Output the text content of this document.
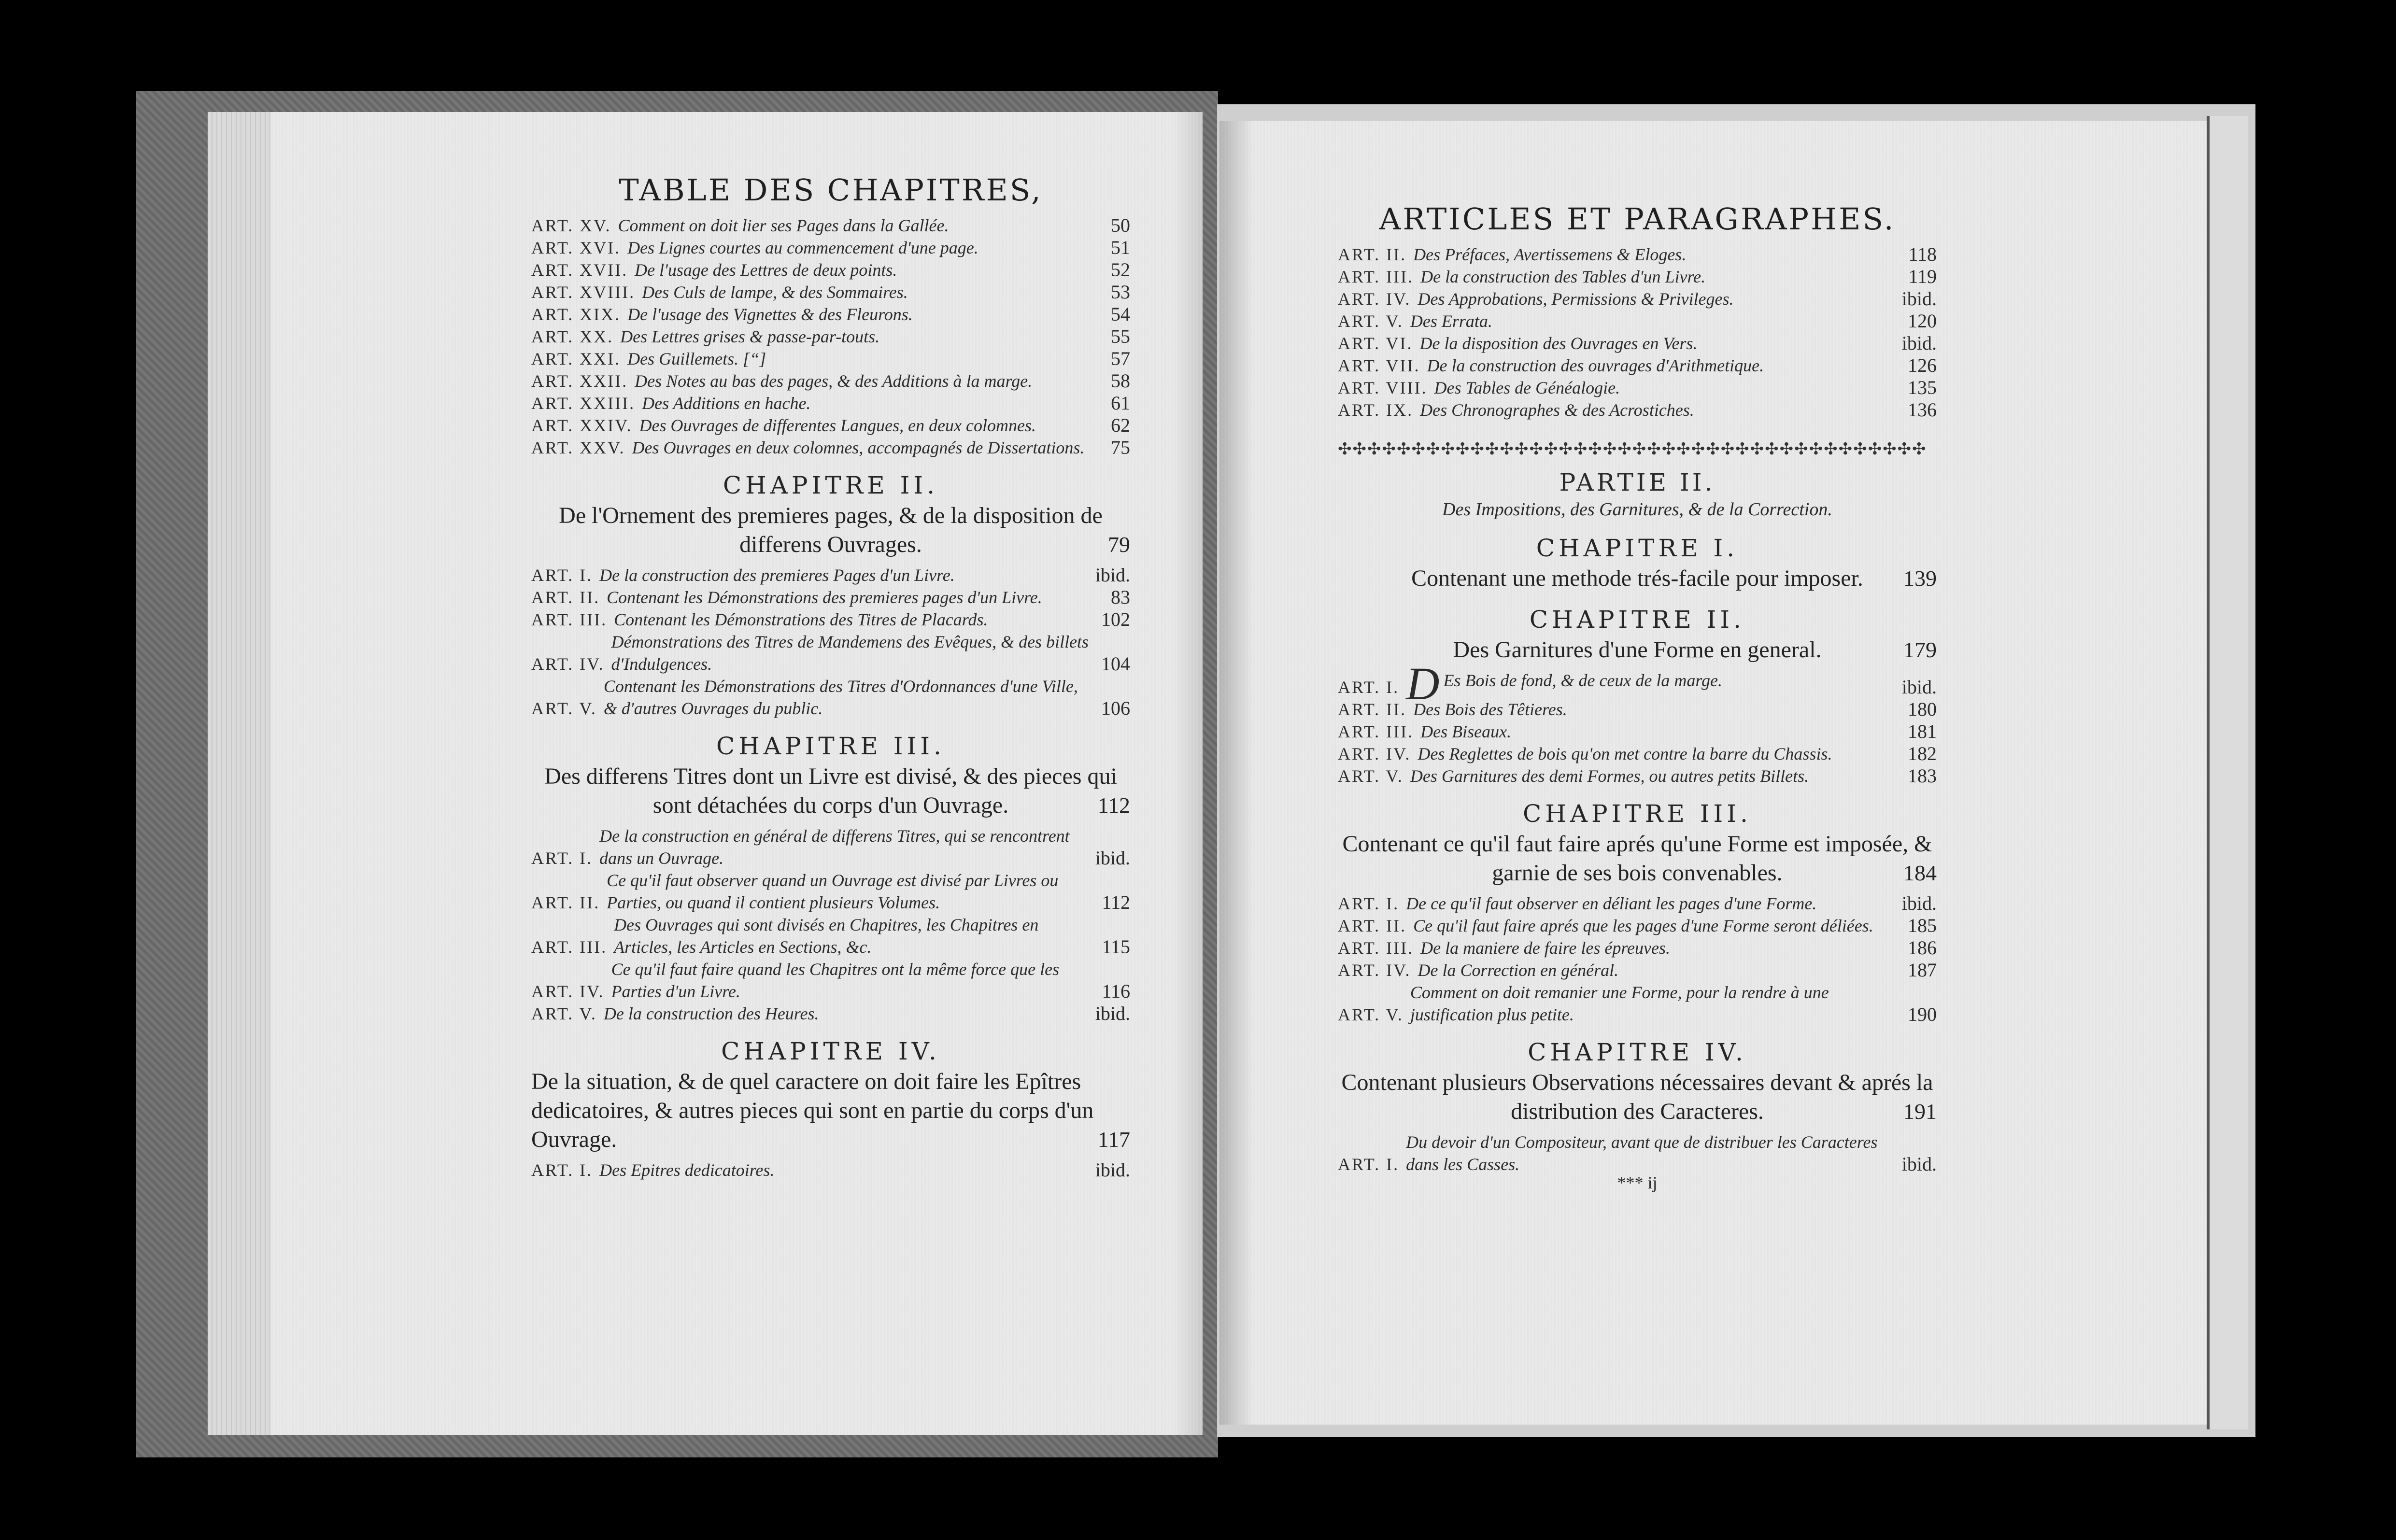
TABLE DES CHAPITRES,
ART. XV. Comment on doit lier ses Pages dans la Gallée.	50
ART. XVI. Des Lignes courtes au commencement d'une page.	51
ART. XVII. De l'usage des Lettres de deux points.	52
ART. XVIII. Des Culs de lampe, & des Sommaires.	53
ART. XIX. De l'usage des Vignettes & des Fleurons.	54
ART. XX. Des Lettres grises & passe-par-touts.	55
ART. XXI. Des Guillemets. [“]	57
ART. XXII. Des Notes au bas des pages, & des Additions à la marge.	58
ART. XXIII. Des Additions en hache.	61
ART. XXIV. Des Ouvrages de differentes Langues, en deux colomnes.	62
ART. XXV. Des Ouvrages en deux colomnes, accompagnés de Dissertations.	75
CHAPITRE II.
De l'Ornement des premieres pages, & de la disposition de differens Ouvrages.	79
ART. I. De la construction des premieres Pages d'un Livre.	ibid.
ART. II. Contenant les Démonstrations des premieres pages d'un Livre.	83
ART. III. Contenant les Démonstrations des Titres de Placards.	102
ART. IV.
Démonstrations des Titres de Mandemens des Evêques, & des billets d'Indulgences.	104
ART. V.
Contenant les Démonstrations des Titres d'Ordonnances d'une Ville, & d'autres Ouvrages du public.	106
CHAPITRE III.
Des differens Titres dont un Livre est divisé, & des pieces qui sont détachées du corps d'un Ouvrage.	112
ART. I.
De la construction en général de differens Titres, qui se rencontrent dans un Ouvrage.	ibid.
ART. II.
Ce qu'il faut observer quand un Ouvrage est divisé par Livres ou Parties, ou quand il contient plusieurs Volumes.	112
ART. III.
Des Ouvrages qui sont divisés en Chapitres, les Chapitres en Articles, les Articles en Sections, &c.	115
ART. IV.
Ce qu'il faut faire quand les Chapitres ont la même force que les Parties d'un Livre.	116
ART. V. De la construction des Heures.	ibid.
CHAPITRE IV.
De la situation, & de quel caractere on doit faire les Epîtres dedicatoires, & autres pieces qui sont en partie du corps d'un Ouvrage.	117
ART. I. Des Epitres dedicatoires.	ibid.
ARTICLES ET PARAGRAPHES.
ART. II. Des Préfaces, Avertissemens & Eloges.	118
ART. III. De la construction des Tables d'un Livre.	119
ART. IV. Des Approbations, Permissions & Privileges.	ibid.
ART. V. Des Errata.	120
ART. VI. De la disposition des Ouvrages en Vers.	ibid.
ART. VII. De la construction des ouvrages d'Arithmetique.	126
ART. VIII. Des Tables de Généalogie.	135
ART. IX. Des Chronographes & des Acrostiches.	136
✣✣✣✣✣✣✣✣✣✣✣✣✣✣✣✣✣✣✣✣✣✣✣✣✣✣✣✣✣✣✣✣✣✣✣✣✣✣✣✣
PARTIE II.
Des Impositions, des Garnitures, & de la Correction.
CHAPITRE I.
Contenant une methode trés-facile pour imposer. 139
CHAPITRE II.
Des Garnitures d'une Forme en general.	179
ART. I. D Es Bois de fond, & de ceux de la marge.	ibid.
ART. II. Des Bois des Têtieres.	180
ART. III. Des Biseaux.	181
ART. IV. Des Reglettes de bois qu'on met contre la barre du Chassis.	182
ART. V. Des Garnitures des demi Formes, ou autres petits Billets.	183
CHAPITRE III.
Contenant ce qu'il faut faire aprés qu'une Forme est imposée, & garnie de ses bois convenables.	184
ART. I. De ce qu'il faut observer en déliant les pages d'une Forme.	ibid.
ART. II. Ce qu'il faut faire aprés que les pages d'une Forme seront déliées.	185
ART. III. De la maniere de faire les épreuves.	186
ART. IV. De la Correction en général.	187
ART. V.
Comment on doit remanier une Forme, pour la rendre à une justification plus petite.	190
CHAPITRE IV.
Contenant plusieurs Observations nécessaires devant & aprés la distribution des Caracteres.	191
ART. I.
Du devoir d'un Compositeur, avant que de distribuer les Caracteres dans les Casses.	ibid.
*** ij
